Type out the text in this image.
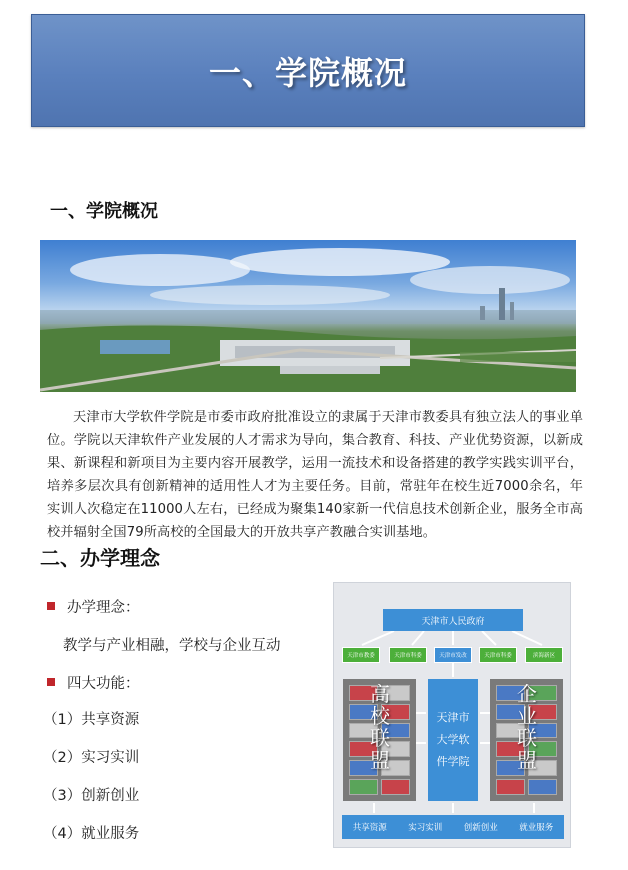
一、学院概况
一、学院概况
天津市大学软件学院是市委市政府批准设立的隶属于天津市教委具有独立法人的事业单位。学院以天津软件产业发展的人才需求为导向，集合教育、科技、产业优势资源，以新成果、新课程和新项目为主要内容开展教学，运用一流技术和设备搭建的教学实践实训平台，培养多层次具有创新精神的适用性人才为主要任务。目前，常驻年在校生近7000余名，年实训人次稳定在11000人左右，已经成为聚集140家新一代信息技术创新企业，服务全市高校并辐射全国79所高校的全国最大的开放共享产教融合实训基地。
二、办学理念
办学理念：
教学与产业相融，学校与企业互动
四大功能：
（1）共享资源
（2）实习实训
（3）创新创业
（4）就业服务
天津市人民政府
天津市教委	天津市科委	天津市发改	天津市科委	滨海新区
高校联盟
天津市大学软件学院
企业联盟
共享资源	实习实训	创新创业	就业服务
